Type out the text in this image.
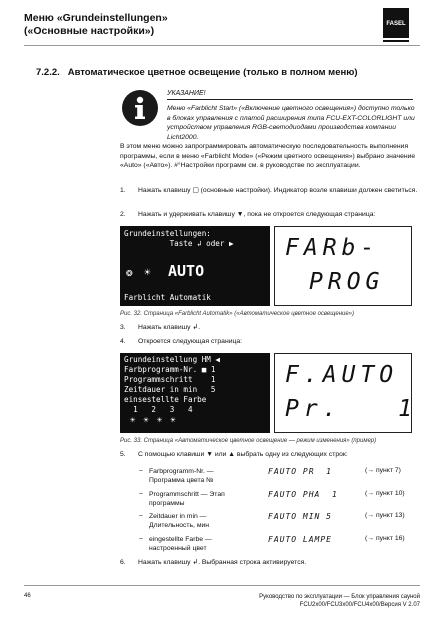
Меню «Grundeinstellungen»
(«Основные настройки»)
FASEL
7.2.2. Автоматическое цветное освещение (только в полном меню)
УКАЗАНИЕ!
Меню «Farblicht Start» («Включение цветного освещения») доступно только в блоках управления с платой расширения типа FCU-EXT-COLORLIGHT или устройством управления RGB-светодиодами производства компании Licht2000.
В этом меню можно запрограммировать автоматическую последовательность выполнения программы, если в меню «Farblicht Mode» («Режим цветного освещения») выбрано значение «Auto» («Авто»). #°Настройки программ см. в руководстве по эксплуатации.
1. Нажать клавишу ▢ (основные настройки). Индикатор возле клавиши должен светиться.
2. Нажать и удерживать клавишу ▼, пока не откроется следующая страница:
Grundeinstellungen:
Taste ↲ oder ▶
❂ ☀ AUTO
Farblicht Automatik
FARb-
PROG
Рис. 32. Страница «Farblicht Automatik» («Автоматическое цветное освещение»)
3. Нажать клавишу ↲.
4. Откроется следующая страница:
Grundeinstellung HM ◀
Farbprogramm-Nr. ■ 1
Programmschritt    1
Zeitdauer in min   5
einsestellte Farbe
1   2   3   4
☀☀☀☀
F.AUTO
Pr.   1
Рис. 33. Страница «Автоматическое цветное освещение — режим изменения» (пример)
5. С помощью клавиши ▼ или ▲ выбрать одну из следующих строк:
– Farbprogramm-Nr. —
Программа цвета №
FAUTO PR  1	(→ пункт 7)
– Programmschritt — Этап
программы
FAUTO PHA  1	(→ пункт 10)
– Zeitdauer in min —
Длительность, мин
FAUTO MIN 5	(→ пункт 13)
– eingestellte Farbe —
настроенный цвет
FAUTO LAMPE	(→ пункт 16)
6. Нажать клавишу ↲. Выбранная строка активируется.
46	Руководство по эксплуатации — Блок управления сауной
FCU2x00/FCU3x00/FCU4x00/Версия V 2.07
